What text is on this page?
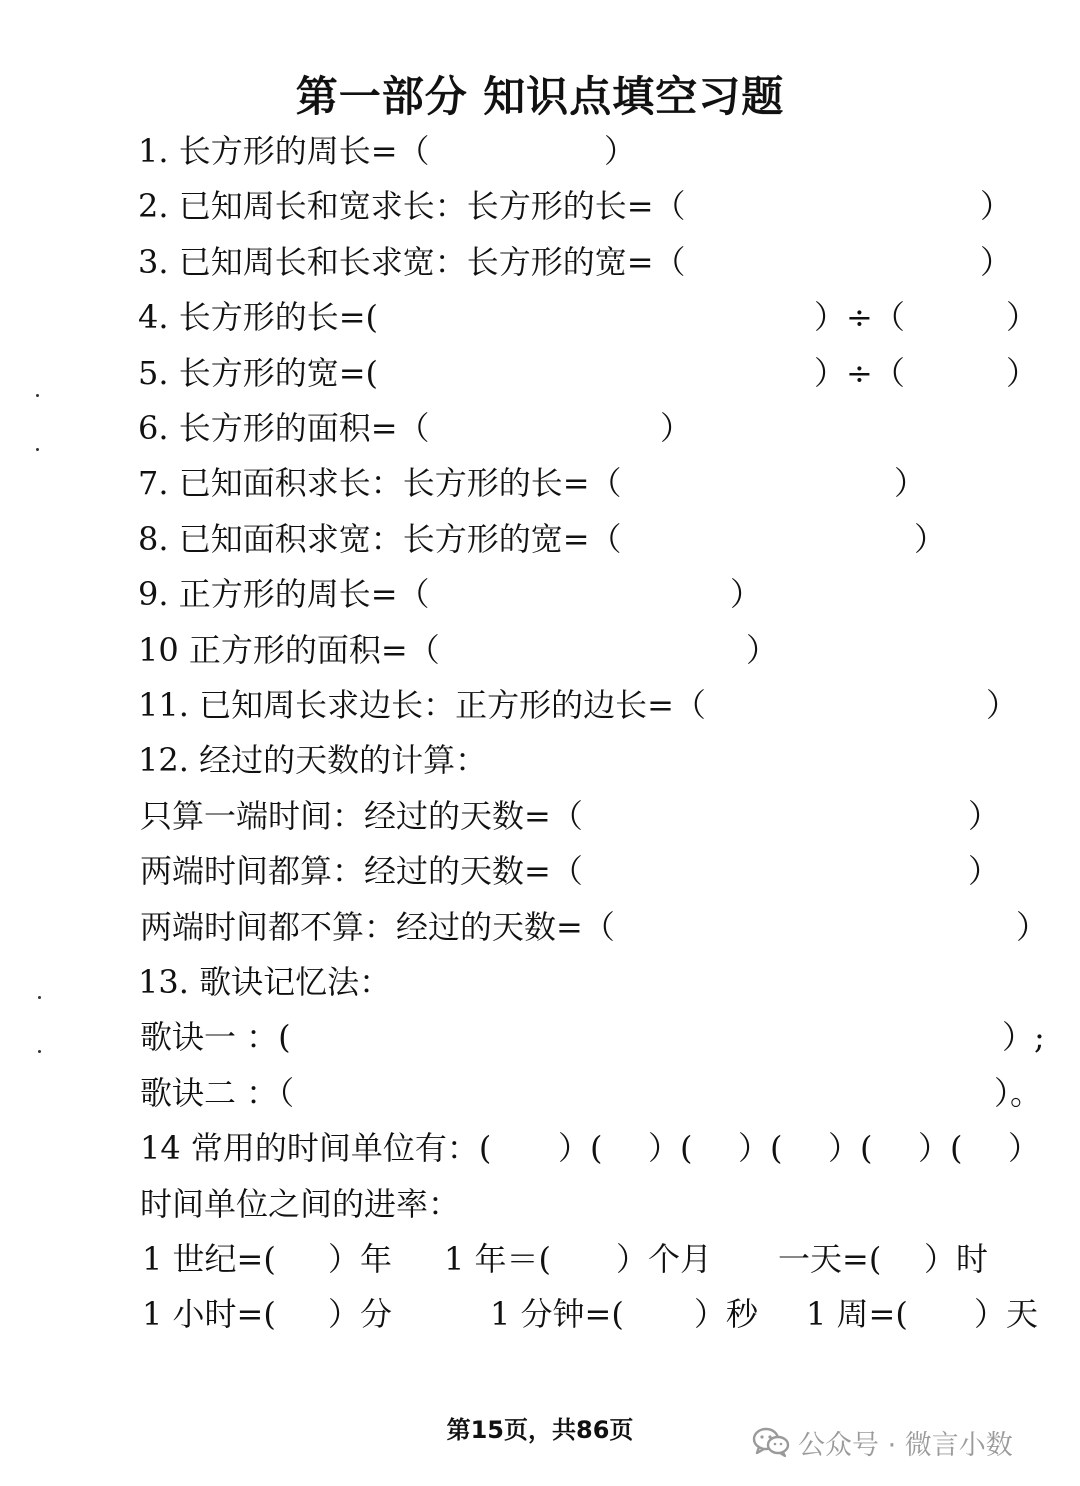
第一部分 知识点填空习题
1. 长方形的周长=（	）
2. 已知周长和宽求长：长方形的长=（	）
3. 已知周长和长求宽：长方形的宽=（	）
4. 长方形的长=(	）÷（	）
5. 长方形的宽=(	）÷（	）
6. 长方形的面积=（	）
7. 已知面积求长：长方形的长=（	）
8. 已知面积求宽：长方形的宽=（	）
9. 正方形的周长=（	）
10 正方形的面积=（	）
11. 已知周长求边长：正方形的边长=（	）
12. 经过的天数的计算：
只算一端时间：经过的天数=（	）
两端时间都算：经过的天数=（	）
两端时间都不算：经过的天数=（	）
13. 歌诀记忆法：
歌诀一 ：(	）;
歌诀二 ：（	）。
14 常用的时间单位有：( ）( ）( ）( ）( ）( ）
时间单位之间的进率：
1 世纪=( ）年 1 年＝( ）个月 一天=( ）时
1 小时=( ）分	1 分钟=( ）秒 1 周=( ）天
第15页，共86页	公众号 · 微言小数
